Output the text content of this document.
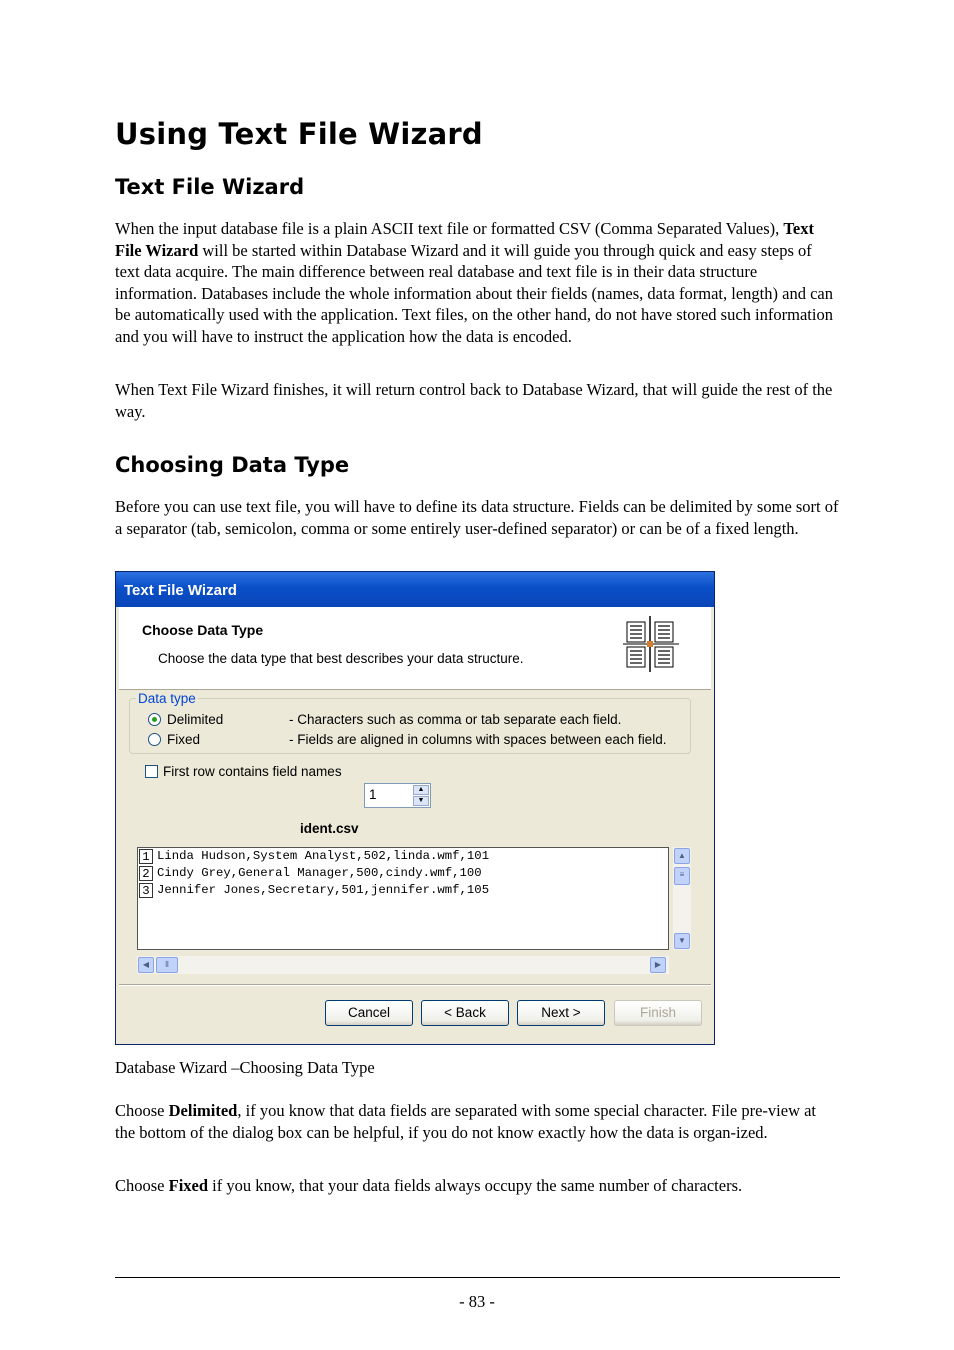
Using Text File Wizard
Text File Wizard

When the input database file is a plain ASCII text file or formatted CSV (Comma Separated Values), Text File Wizard will be started within Database Wizard and it will guide you through quick and easy steps of text data acquire. The main difference between real database and text file is in their data structure information. Databases include the whole information about their fields (names, data format, length) and can be automatically used with the application. Text files, on the other hand, do not have stored such information and you will have to instruct the application how the data is encoded.

When Text File Wizard finishes, it will return control back to Database Wizard, that will guide the rest of the way.

Choosing Data Type

Before you can use text file, you will have to define its data structure. Fields can be delimited by some sort of a separator (tab, semicolon, comma or some entirely user-defined separator) or can be of a fixed length.

Text File Wizard
Choose Data Type
Choose the data type that best describes your data structure.
Data type
Delimited	- Characters such as comma or tab separate each field.
Fixed	- Fields are aligned in columns with spaces between each field.
First row contains field names
1	▲
▼
ident.csv
1 Linda Hudson,System Analyst,502,linda.wmf,101
2 Cindy Grey,General Manager,500,cindy.wmf,100
3 Jennifer Jones,Secretary,501,jennifer.wmf,105
▲
≡
▼
◀	⦀	▶
Cancel	< Back	Next >	Finish
Database Wizard –Choosing Data Type

Choose Delimited, if you know that data fields are separated with some special character. File pre-view at the bottom of the dialog box can be helpful, if you do not know exactly how the data is organ-ized.

Choose Fixed if you know, that your data fields always occupy the same number of characters.

- 83 -
